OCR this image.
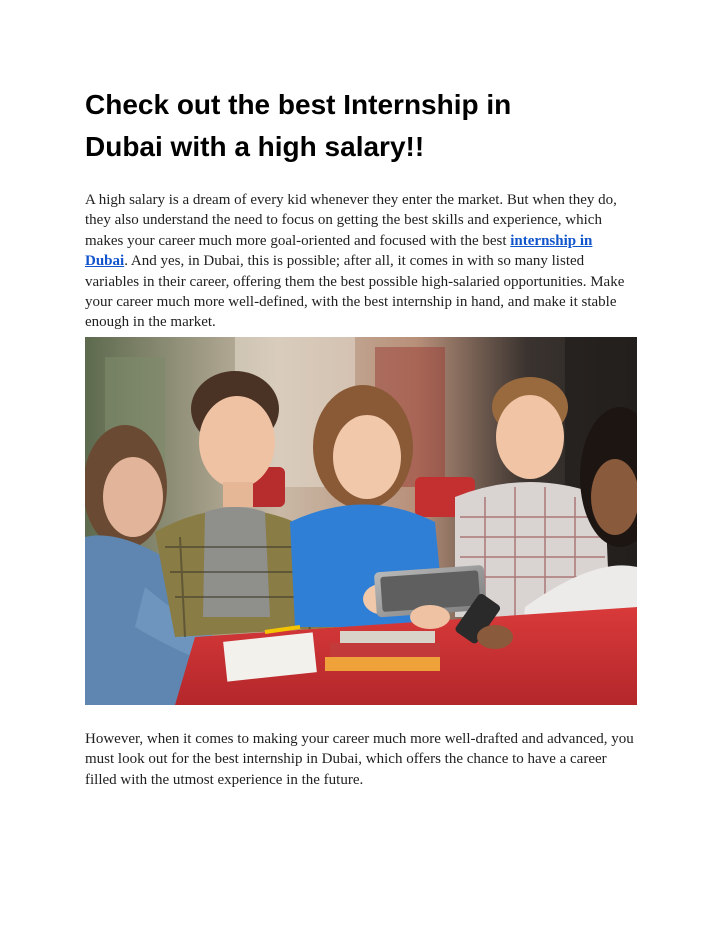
Check out the best Internship in
Dubai with a high salary!!

A high salary is a dream of every kid whenever they enter the market. But when they do, they also understand the need to focus on getting the best skills and experience, which makes your career much more goal-oriented and focused with the best internship in Dubai. And yes, in Dubai, this is possible; after all, it comes in with so many listed variables in their career, offering them the best possible high-salaried opportunities. Make your career much more well-defined, with the best internship in hand, and make it stable enough in the market.

However, when it comes to making your career much more well-drafted and advanced, you must look out for the best internship in Dubai, which offers the chance to have a career filled with the utmost experience in the future.
